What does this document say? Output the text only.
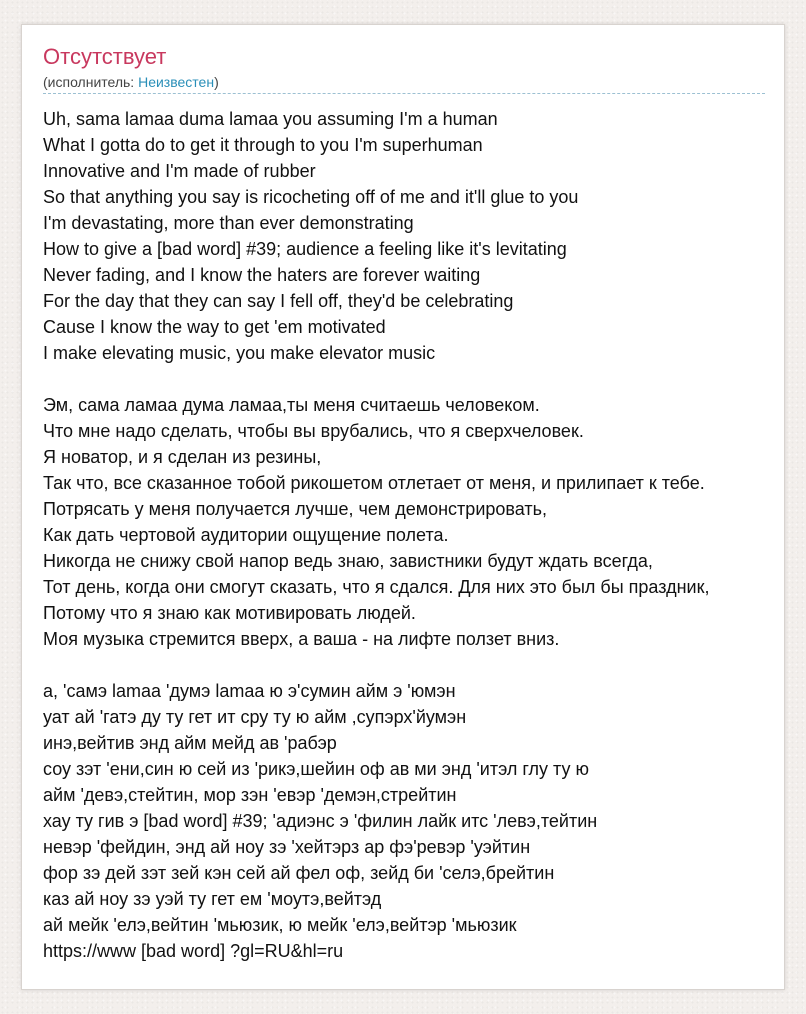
Отсутствует
(исполнитель: Неизвестен)
Uh, sama lamaa duma lamaa you assuming I'm a human
What I gotta do to get it through to you I'm superhuman
Innovative and I'm made of rubber
So that anything you say is ricocheting off of me and it'll glue to you
I'm devastating, more than ever demonstrating
How to give a [bad word] #39; audience a feeling like it's levitating
Never fading, and I know the haters are forever waiting
For the day that they can say I fell off, they'd be celebrating
Cause I know the way to get 'em motivated
I make elevating music, you make elevator music
Эм, сама ламаа дума ламаа,ты меня считаешь человеком.
Что мне надо сделать, чтобы вы врубались, что я сверхчеловек.
Я новатор, и я сделан из резины,
Так что, все сказанное тобой рикошетом отлетает от меня, и прилипает к тебе.
Потрясать у меня получается лучше, чем демонстрировать,
Как дать чертовой аудитории ощущение полета.
Никогда не снижу свой напор ведь знаю, завистники будут ждать всегда,
Тот день, когда они смогут сказать, что я сдался. Для них это был бы праздник,
Потому что я знаю как мотивировать людей.
Моя музыка стремится вверх, а ваша - на лифте ползет вниз.
а, 'самэ lamaa 'думэ lamaa ю э'сумин айм э 'юмэн
уат ай 'гатэ ду ту гет ит сру ту ю айм ,супэрх'йумэн
инэ,вейтив энд айм мейд ав 'рабэр
соу зэт 'ени,син ю сей из 'рикэ,шейин оф ав ми энд 'итэл глу ту ю
айм 'девэ,стейтин, мор зэн 'евэр 'демэн,стрейтин
хау ту гив э [bad word] #39; 'адиэнс э 'филин лайк итс 'левэ,тейтин
невэр 'фейдин, энд ай ноу зэ 'хейтэрз ар фэ'ревэр 'уэйтин
фор зэ дей зэт зей кэн сей ай фел оф, зейд би 'селэ,брейтин
каз ай ноу зэ уэй ту гет ем 'моутэ,вейтэд
ай мейк 'елэ,вейтин 'мьюзик, ю мейк 'елэ,вейтэр 'мьюзик
https://www [bad word] ?gl=RU&hl=ru
